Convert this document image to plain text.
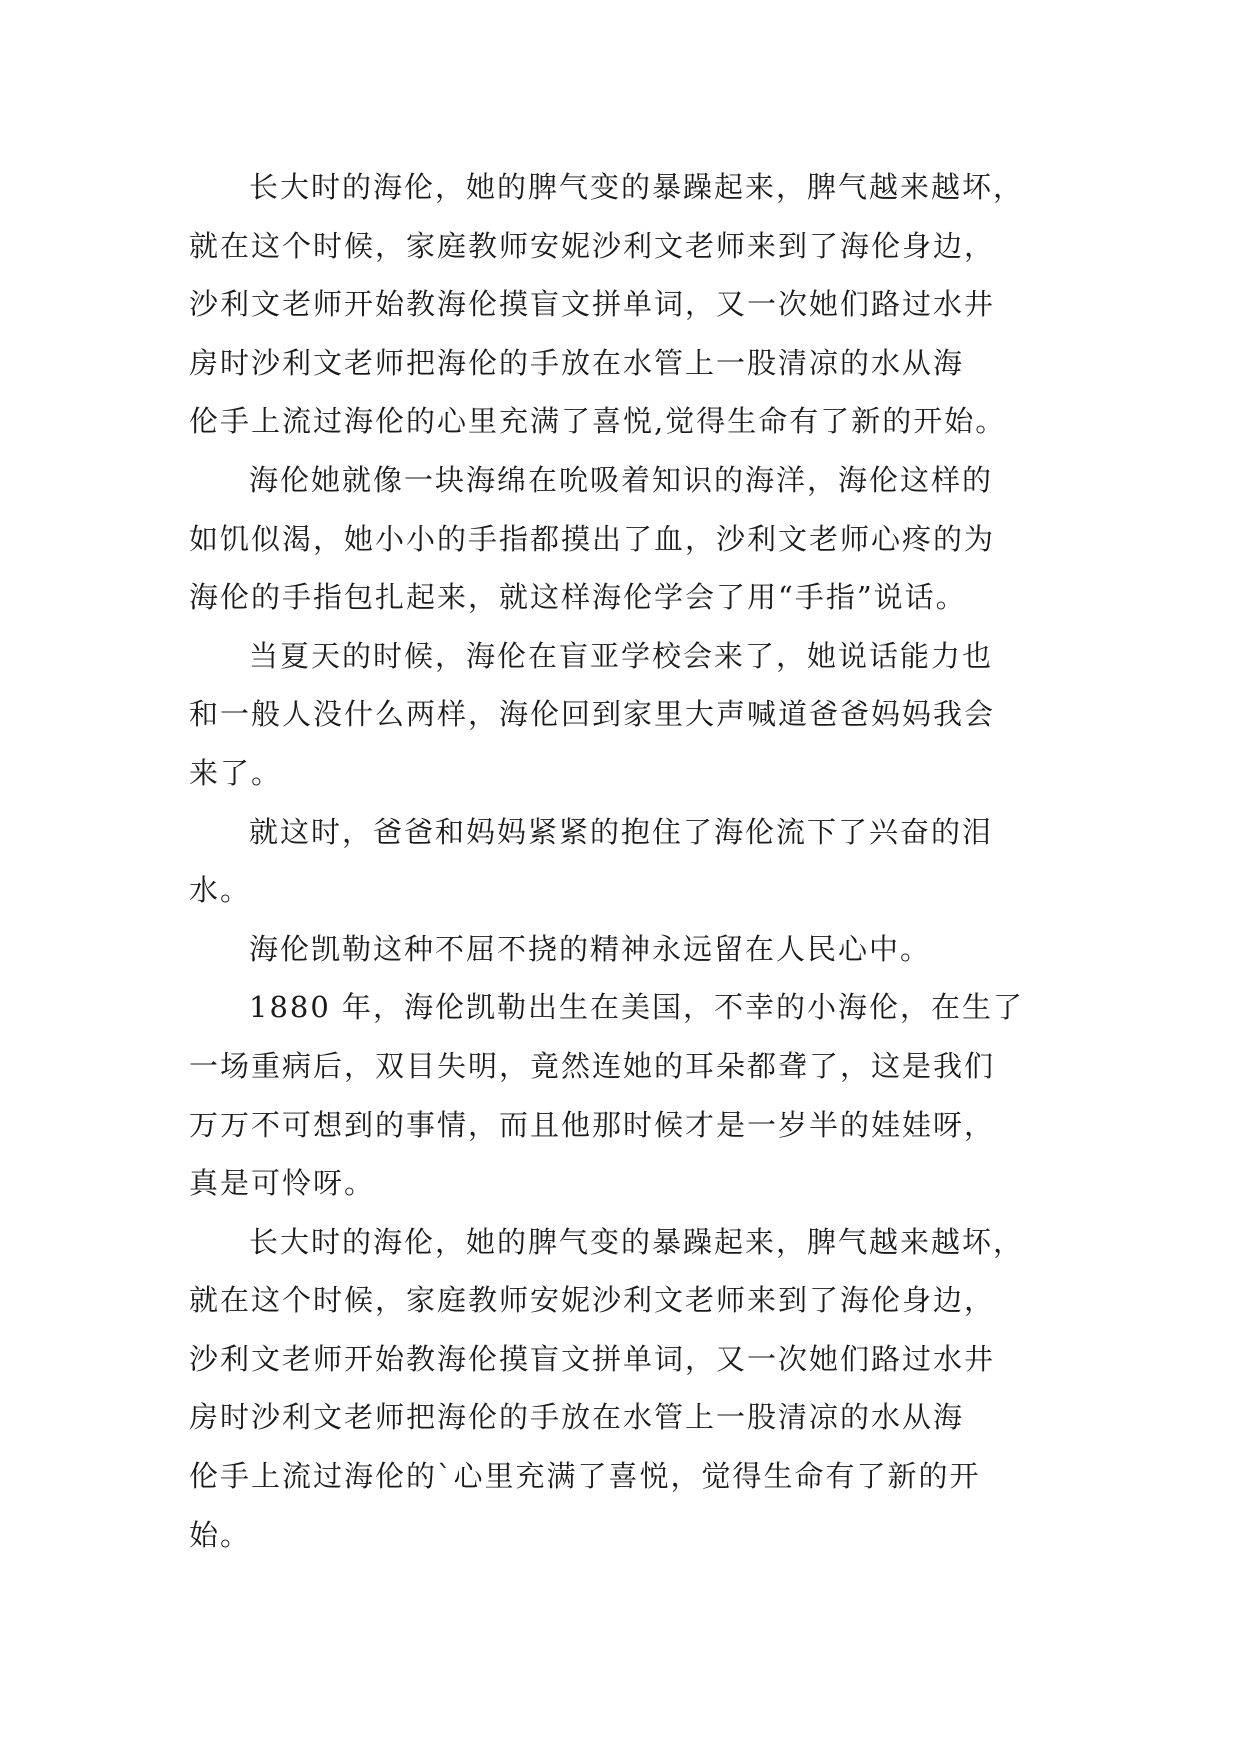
长大时的海伦，她的脾气变的暴躁起来，脾气越来越坏，
就在这个时候，家庭教师安妮沙利文老师来到了海伦身边，
沙利文老师开始教海伦摸盲文拼单词，又一次她们路过水井
房时沙利文老师把海伦的手放在水管上一股清凉的水从海
伦手上流过海伦的心里充满了喜悦,觉得生命有了新的开始。
海伦她就像一块海绵在吮吸着知识的海洋，海伦这样的
如饥似渴，她小小的手指都摸出了血，沙利文老师心疼的为
海伦的手指包扎起来，就这样海伦学会了用“手指”说话。
当夏天的时候，海伦在盲亚学校会来了，她说话能力也
和一般人没什么两样，海伦回到家里大声喊道爸爸妈妈我会
来了。
就这时，爸爸和妈妈紧紧的抱住了海伦流下了兴奋的泪
水。
海伦凯勒这种不屈不挠的精神永远留在人民心中。
1880 年，海伦凯勒出生在美国，不幸的小海伦，在生了
一场重病后，双目失明，竟然连她的耳朵都聋了，这是我们
万万不可想到的事情，而且他那时候才是一岁半的娃娃呀，
真是可怜呀。
长大时的海伦，她的脾气变的暴躁起来，脾气越来越坏，
就在这个时候，家庭教师安妮沙利文老师来到了海伦身边，
沙利文老师开始教海伦摸盲文拼单词，又一次她们路过水井
房时沙利文老师把海伦的手放在水管上一股清凉的水从海
伦手上流过海伦的`心里充满了喜悦，觉得生命有了新的开
始。
